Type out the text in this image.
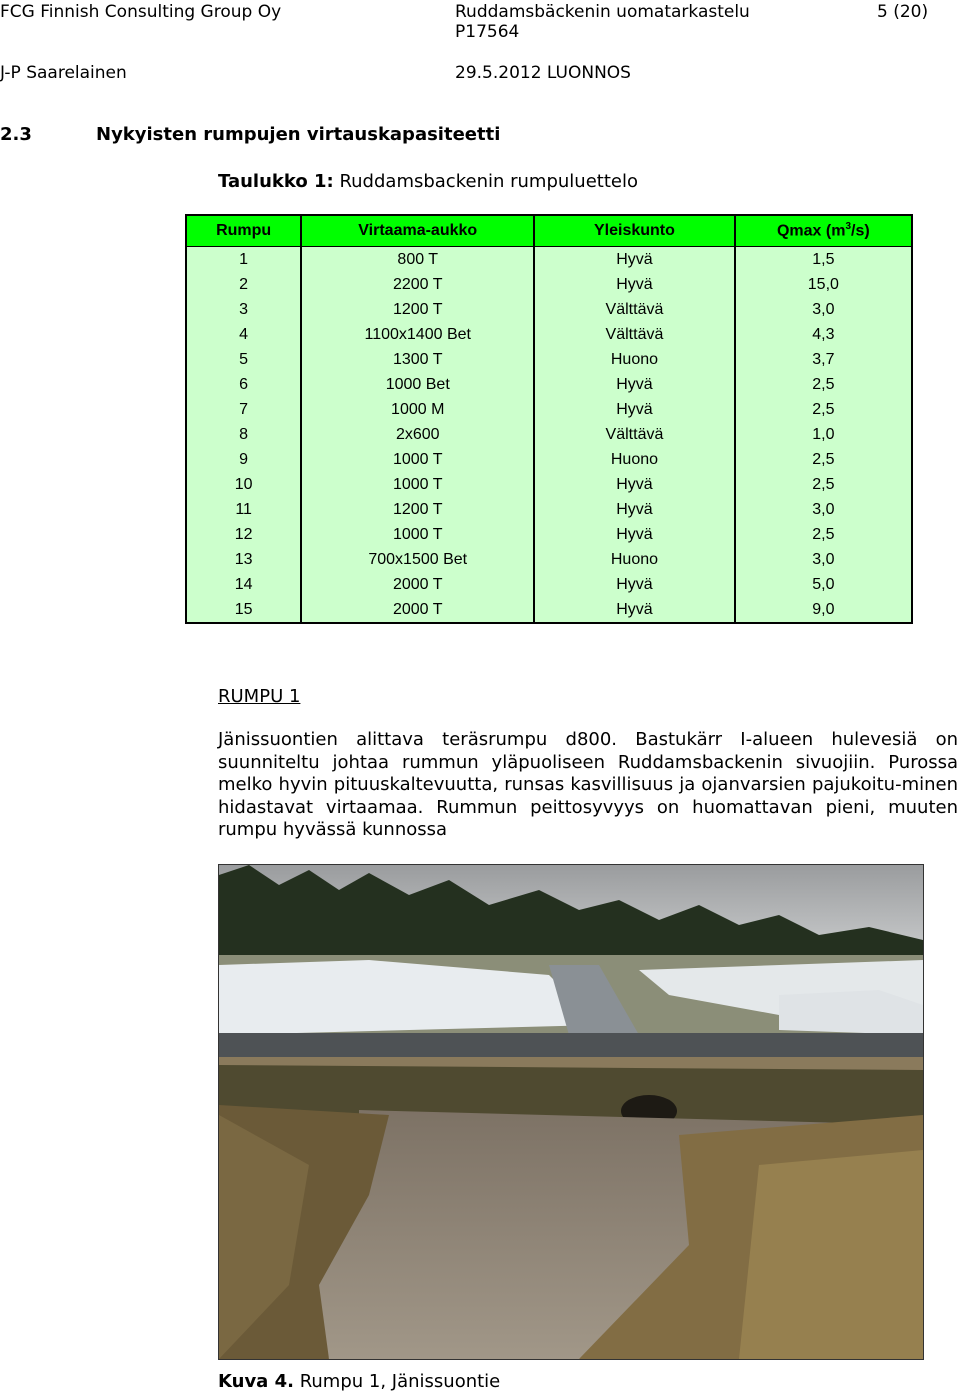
FCG Finnish Consulting Group Oy
J-P Saarelainen
Ruddamsbäckenin uomatarkastelu
P17564
29.5.2012 LUONNOS
5 (20)
2.3	Nykyisten rumpujen virtauskapasiteetti
Taulukko 1: Ruddamsbackenin rumpuluettelo
Rumpu	Virtaama-aukko	Yleiskunto	Qmax $(m^3/s)$
1	800 T	Hyvä	1,5
2	2200 T	Hyvä	15,0
3	1200 T	Välttävä	3,0
4	1100x1400 Bet	Välttävä	4,3
5	1300 T	Huono	3,7
6	1000 Bet	Hyvä	2,5
7	1000 M	Hyvä	2,5
8	2x600	Välttävä	1,0
9	1000 T	Huono	2,5
10	1000 T	Hyvä	2,5
11	1200 T	Hyvä	3,0
12	1000 T	Hyvä	2,5
13	700x1500 Bet	Huono	3,0
14	2000 T	Hyvä	5,0
15	2000 T	Hyvä	9,0
RUMPU 1
Jänissuontien alittava teräsrumpu d800. Bastukärr I-alueen hulevesiä on suunniteltu johtaa rummun yläpuoliseen Ruddamsbackenin sivuojiin. Purossa melko hyvin pituuskaltevuutta, runsas kasvillisuus ja ojanvarsien pajukoitu-minen hidastavat virtaamaa. Rummun peittosyvyys on huomattavan pieni, muuten rumpu hyvässä kunnossa
Kuva 4. Rumpu 1, Jänissuontie
